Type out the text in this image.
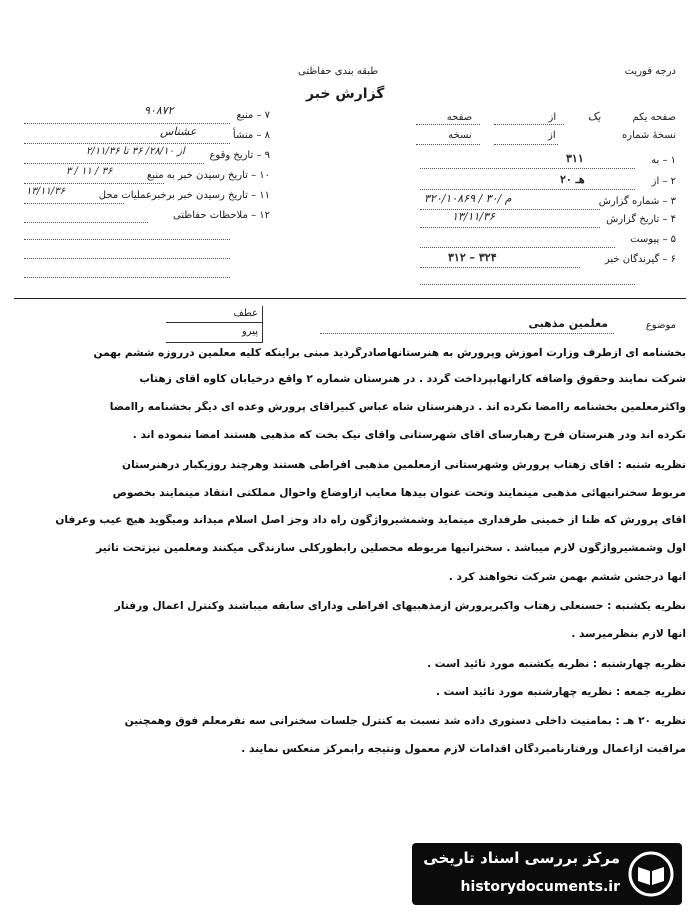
طبقه بندی حفاظتی
گزارش خبر
درجه فوریت
صفحه یکم یک از  صفحه
نسخهٔ شماره  از  نسخه
۱ – به
۳۱۱
۲ – از
۲۰ هـ
۳ – شماره گزارش
۳۲۰/۱۰۸۶۹ / ۳۰/ م
۴ – تاریخ گزارش
۱۳/۱۱/۳۶
۵ – پیوست
۶ – گیرندگان خبر
۳۱۲ – ۳۲۴
۷ – منبع
۹۰۸۷۲
۸ – منشأ
عشناس
۹ – تاریخ وقوع
از ۲۸/۱۰/ ۳۶ تا ۲/۱۱/۳۶
۱۰ – تاریخ رسیدن خبر به منبع
۳ / ۱۱ / ۳۶
۱۱ – تاریخ رسیدن خبر برخبرعملیات محل
۱۳/۱۱/۳۶
۱۲ – ملاحظات حفاظتی
عطف
پیرو
موضوع
معلمین مذهبی
بخشنامه ای ازطرف وزارت آموزش وپرورش به هنرستانهاصادرگردید مبنی براینکه کلیه معلمین درروزه ششم بهمن
شرکت نمایند وحقوق واضافه کارآنهابپرداخت گردد . در هنرستان شماره ۲ واقع درخیابان کاوه آقای زهتاب
واکثرمعلمین بخشنامه راامضا نکرده اند . درهنرستان شاه عباس کبیرآقای پرورش وعده ای دیگر بخشنامه راامضا
نکرده اند ودر هنرستان فرح رهبارسای آقای شهرستانی وآقای نیک بخت که مذهبی هستند امضا ننموده اند .
نظریه شنبه : آقای زهتاب پرورش وشهرستانی ازمعلمین مذهبی افراطی هستند وهرچند روزیکبار درهنرستان
مربوط سخنرانیهائی مذهبی مینمایند وتحت عنوان بیدها معایب ازاوضاع واحوال مملکتی انتقاد مینمایند بخصوص
آقای پرورش که ظنا از خمینی طرفداری مینماید وشمشیرواژگون راه داد وجز اصل اسلام میداند ومیگوید هیچ عیب وعرفان
اول وشمشیرواژگون لازم میباشد . سخنرانیها مربوطه محصلین رابطورکلی سازندگی میکنند ومعلمین نیزتحت تاثیر
آنها درجشن ششم بهمن شرکت نخواهند کرد .
نظریه یکشنبه : حسنعلی زهتاب واکبرپرورش ازمذهبیهای افراطی ودارای سابقه میباشند وکنترل اعمال ورفتار
آنها لازم بنظرمیرسد .
نظریه چهارشنبه : نظریه یکشنبه مورد تائید است .
نظریه جمعه : نظریه چهارشنبه مورد تائید است .
نظریه ۲۰ هـ : بمامنیت داخلی دستوری داده شد نسبت به کنترل جلسات سخنرانی سه نفرمعلم فوق وهمچنین
مراقبت ازاعمال ورفتارنامبردگان اقدامات لازم معمول ونتیجه رابمرکز منعکس نمایند .
مرکز بررسی اسناد تاریخی
historydocuments.ir
